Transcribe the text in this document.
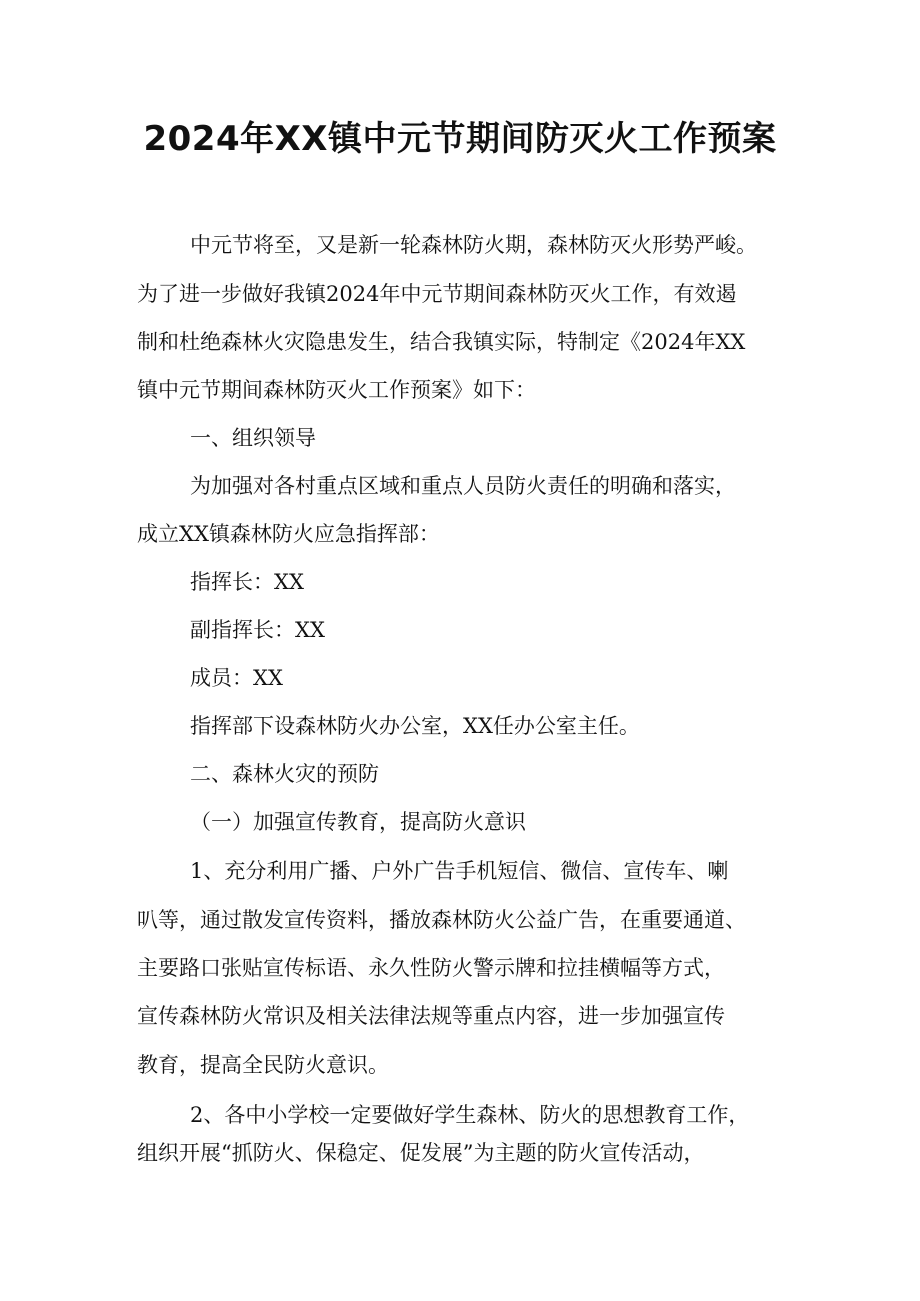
2024年XX镇中元节期间防灭火工作预案
中元节将至，又是新一轮森林防火期，森林防灭火形势严峻。
为了进一步做好我镇2024年中元节期间森林防灭火工作，有效遏
制和杜绝森林火灾隐患发生，结合我镇实际，特制定《2024年XX
镇中元节期间森林防灭火工作预案》如下：
一、组织领导
为加强对各村重点区域和重点人员防火责任的明确和落实，
成立XX镇森林防火应急指挥部：
指挥长：XX
副指挥长：XX
成员：XX
指挥部下设森林防火办公室，XX任办公室主任。
二、森林火灾的预防
（一）加强宣传教育，提高防火意识
1、充分利用广播、户外广告手机短信、微信、宣传车、喇
叭等，通过散发宣传资料，播放森林防火公益广告，在重要通道、
主要路口张贴宣传标语、永久性防火警示牌和拉挂横幅等方式，
宣传森林防火常识及相关法律法规等重点内容，进一步加强宣传
教育，提高全民防火意识。
2、各中小学校一定要做好学生森林、防火的思想教育工作，
组织开展“抓防火、保稳定、促发展”为主题的防火宣传活动，
